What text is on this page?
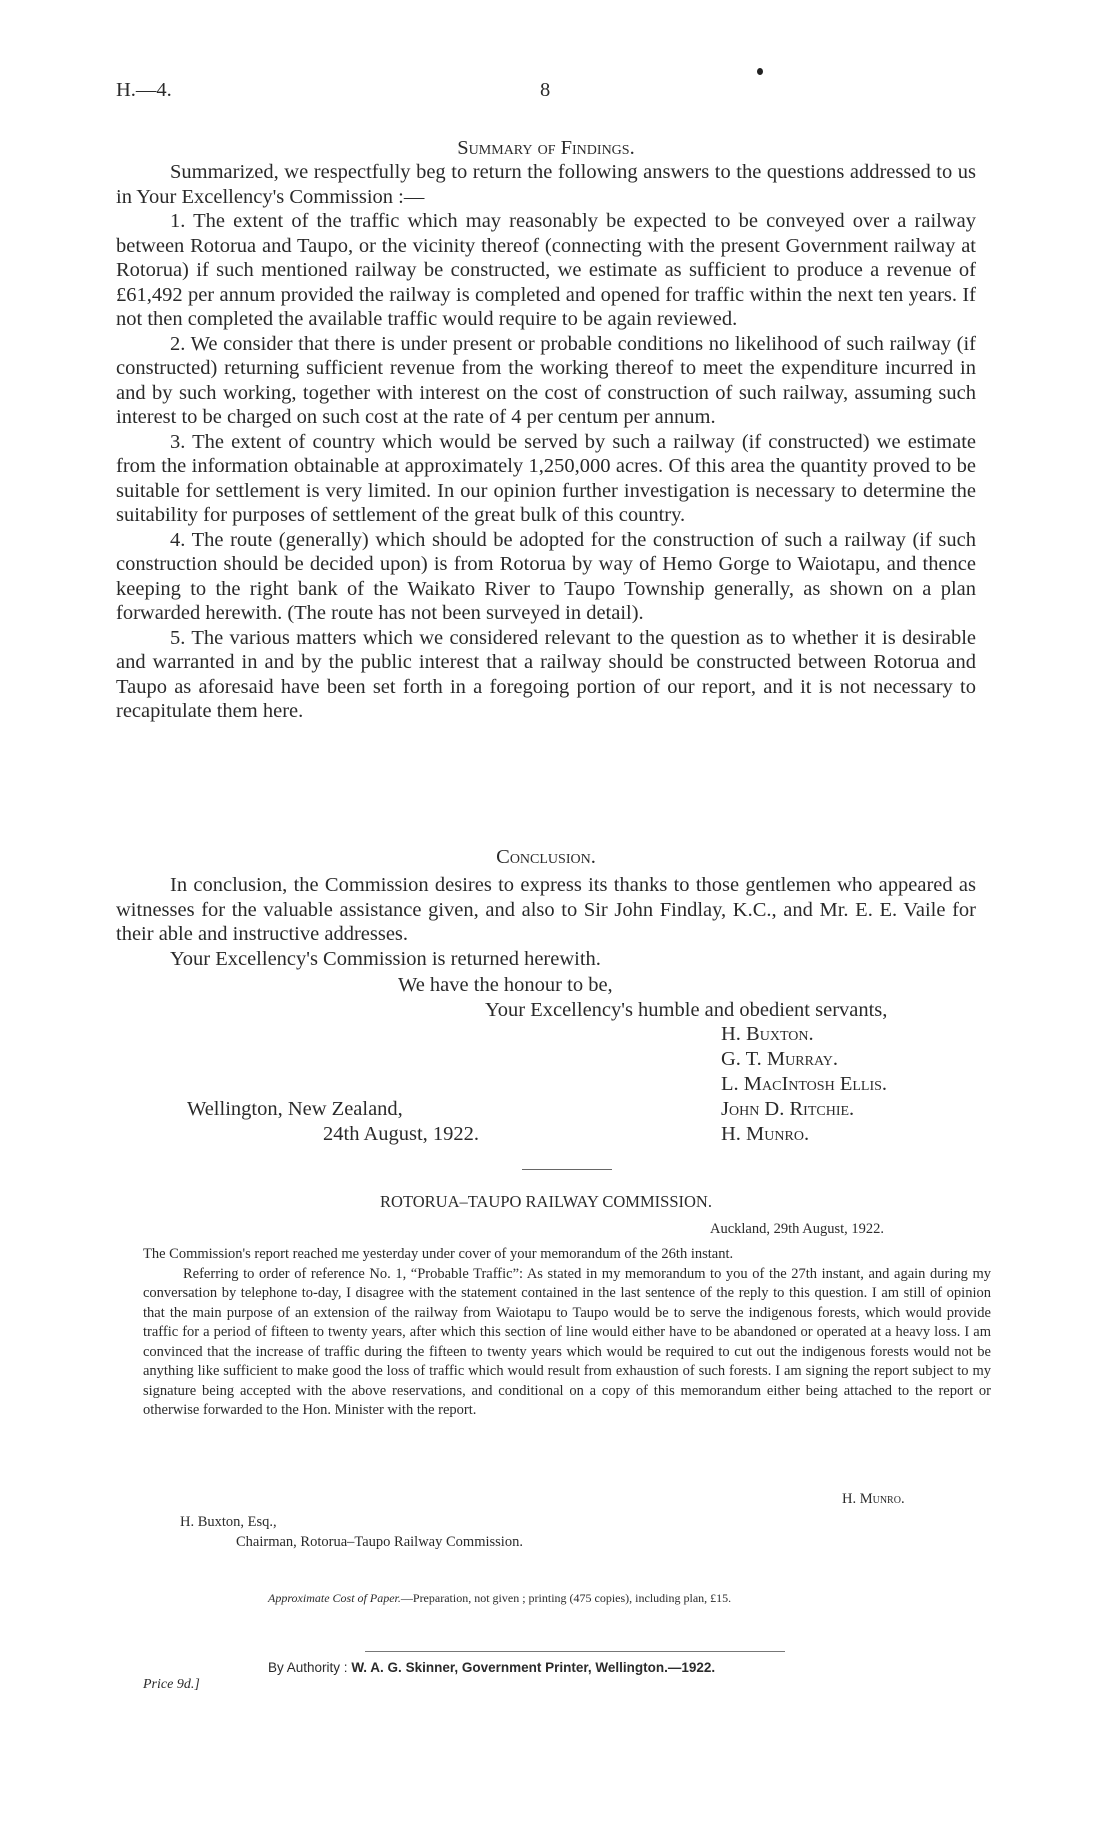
H.—4.	8
Summary of Findings.

Summarized, we respectfully beg to return the following answers to the questions addressed to us in Your Excellency's Commission :—

1. The extent of the traffic which may reasonably be expected to be conveyed over a railway between Rotorua and Taupo, or the vicinity thereof (connecting with the present Government railway at Rotorua) if such mentioned railway be constructed, we estimate as sufficient to produce a revenue of £61,492 per annum provided the railway is completed and opened for traffic within the next ten years. If not then completed the available traffic would require to be again reviewed.

2. We consider that there is under present or probable conditions no likelihood of such railway (if constructed) returning sufficient revenue from the working thereof to meet the expenditure incurred in and by such working, together with interest on the cost of construction of such railway, assuming such interest to be charged on such cost at the rate of 4 per centum per annum.

3. The extent of country which would be served by such a railway (if constructed) we estimate from the information obtainable at approximately 1,250,000 acres. Of this area the quantity proved to be suitable for settlement is very limited. In our opinion further investigation is necessary to determine the suitability for purposes of settlement of the great bulk of this country.

4. The route (generally) which should be adopted for the construction of such a railway (if such construction should be decided upon) is from Rotorua by way of Hemo Gorge to Waiotapu, and thence keeping to the right bank of the Waikato River to Taupo Township generally, as shown on a plan forwarded herewith. (The route has not been surveyed in detail).

5. The various matters which we considered relevant to the question as to whether it is desirable and warranted in and by the public interest that a railway should be constructed between Rotorua and Taupo as aforesaid have been set forth in a foregoing portion of our report, and it is not necessary to recapitulate them here.

Conclusion.

In conclusion, the Commission desires to express its thanks to those gentlemen who appeared as witnesses for the valuable assistance given, and also to Sir John Findlay, K.C., and Mr. E. E. Vaile for their able and instructive addresses.

Your Excellency's Commission is returned herewith.

We have the honour to be,
Your Excellency's humble and obedient servants,
H. Buxton.
G. T. Murray.
L. MacIntosh Ellis.
John D. Ritchie.
H. Munro.
Wellington, New Zealand,
24th August, 1922.
ROTORUA–TAUPO RAILWAY COMMISSION.
Auckland, 29th August, 1922.

The Commission's report reached me yesterday under cover of your memorandum of the 26th instant.

Referring to order of reference No. 1, “Probable Traffic”: As stated in my memorandum to you of the 27th instant, and again during my conversation by telephone to-day, I disagree with the statement contained in the last sentence of the reply to this question. I am still of opinion that the main purpose of an extension of the railway from Waiotapu to Taupo would be to serve the indigenous forests, which would provide traffic for a period of fifteen to twenty years, after which this section of line would either have to be abandoned or operated at a heavy loss. I am convinced that the increase of traffic during the fifteen to twenty years which would be required to cut out the indigenous forests would not be anything like sufficient to make good the loss of traffic which would result from exhaustion of such forests. I am signing the report subject to my signature being accepted with the above reservations, and conditional on a copy of this memorandum either being attached to the report or otherwise forwarded to the Hon. Minister with the report.

H. Munro.
H. Buxton, Esq.,
Chairman, Rotorua–Taupo Railway Commission.
Approximate Cost of Paper.—Preparation, not given ; printing (475 copies), including plan, £15.
By Authority : W. A. G. Skinner, Government Printer, Wellington.—1922.
Price 9d.]
